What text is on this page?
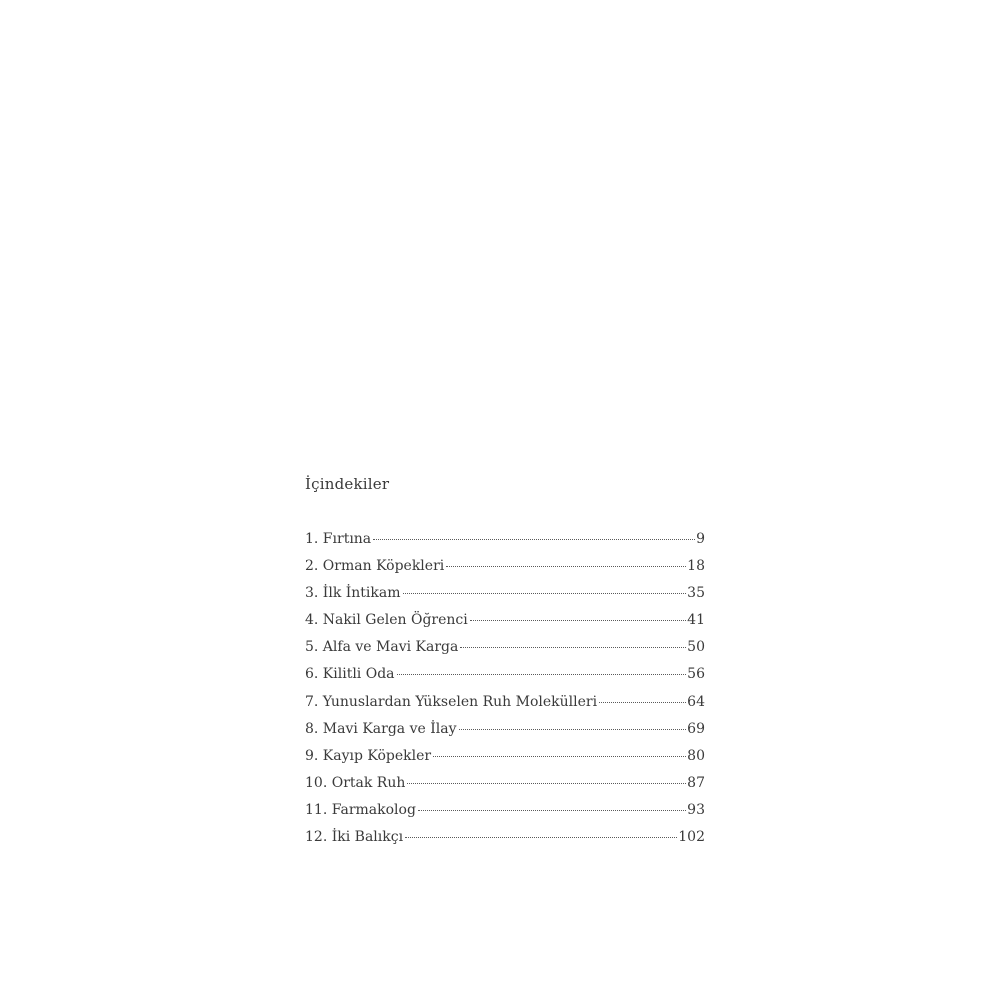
İçindekiler
1. Fırtına	9
2. Orman Köpekleri	18
3. İlk İntikam	35
4. Nakil Gelen Öğrenci	41
5. Alfa ve Mavi Karga	50
6. Kilitli Oda	56
7. Yunuslardan Yükselen Ruh Molekülleri	64
8. Mavi Karga ve İlay	69
9. Kayıp Köpekler	80
10. Ortak Ruh	87
11. Farmakolog	93
12. İki Balıkçı	102
